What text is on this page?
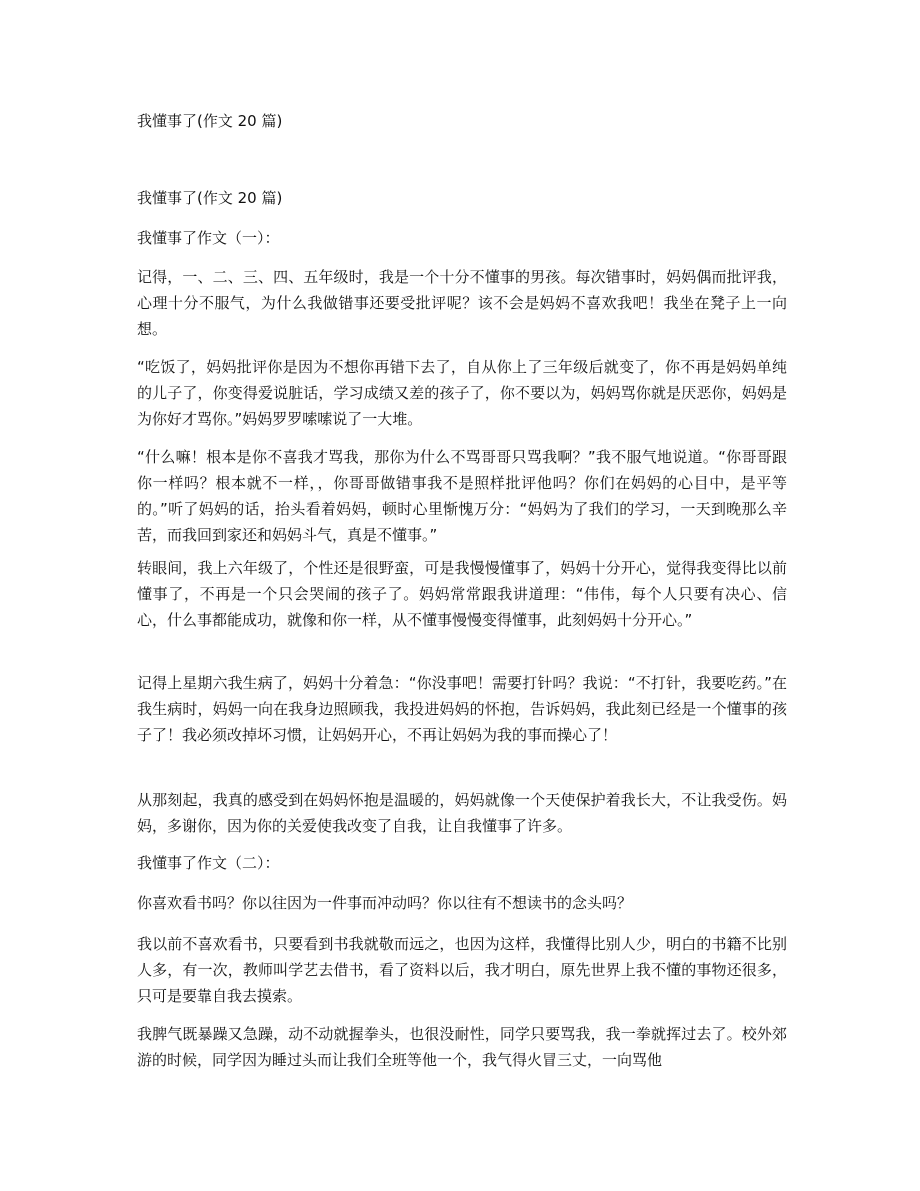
我懂事了(作文 20 篇)
我懂事了(作文 20 篇)
我懂事了作文（一）：
记得，一、二、三、四、五年级时，我是一个十分不懂事的男孩。每次错事时，妈妈偶而批评我，心理十分不服气，为什么我做错事还要受批评呢？该不会是妈妈不喜欢我吧！我坐在凳子上一向想。
“吃饭了，妈妈批评你是因为不想你再错下去了，自从你上了三年级后就变了，你不再是妈妈单纯的儿子了，你变得爱说脏话，学习成绩又差的孩子了，你不要以为，妈妈骂你就是厌恶你，妈妈是为你好才骂你。”妈妈罗罗嗦嗦说了一大堆。
“什么嘛！根本是你不喜我才骂我，那你为什么不骂哥哥只骂我啊？”我不服气地说道。“你哥哥跟你一样吗？根本就不一样，，你哥哥做错事我不是照样批评他吗？你们在妈妈的心目中，是平等的。”听了妈妈的话，抬头看着妈妈，顿时心里惭愧万分：“妈妈为了我们的学习，一天到晚那么辛苦，而我回到家还和妈妈斗气，真是不懂事。”
转眼间，我上六年级了，个性还是很野蛮，可是我慢慢懂事了，妈妈十分开心，觉得我变得比以前懂事了，不再是一个只会哭闹的孩子了。妈妈常常跟我讲道理：“伟伟，每个人只要有决心、信心，什么事都能成功，就像和你一样，从不懂事慢慢变得懂事，此刻妈妈十分开心。”
记得上星期六我生病了，妈妈十分着急：“你没事吧！需要打针吗？我说：“不打针，我要吃药。”在我生病时，妈妈一向在我身边照顾我，我投进妈妈的怀抱，告诉妈妈，我此刻已经是一个懂事的孩子了！我必须改掉坏习惯，让妈妈开心，不再让妈妈为我的事而操心了！
从那刻起，我真的感受到在妈妈怀抱是温暖的，妈妈就像一个天使保护着我长大，不让我受伤。妈妈，多谢你，因为你的关爱使我改变了自我，让自我懂事了许多。
我懂事了作文（二）：
你喜欢看书吗？你以往因为一件事而冲动吗？你以往有不想读书的念头吗？
我以前不喜欢看书，只要看到书我就敬而远之，也因为这样，我懂得比别人少，明白的书籍不比别人多，有一次，教师叫学艺去借书，看了资料以后，我才明白，原先世界上我不懂的事物还很多，只可是要靠自我去摸索。
我脾气既暴躁又急躁，动不动就握拳头，也很没耐性，同学只要骂我，我一拳就挥过去了。校外郊游的时候，同学因为睡过头而让我们全班等他一个，我气得火冒三丈，一向骂他
